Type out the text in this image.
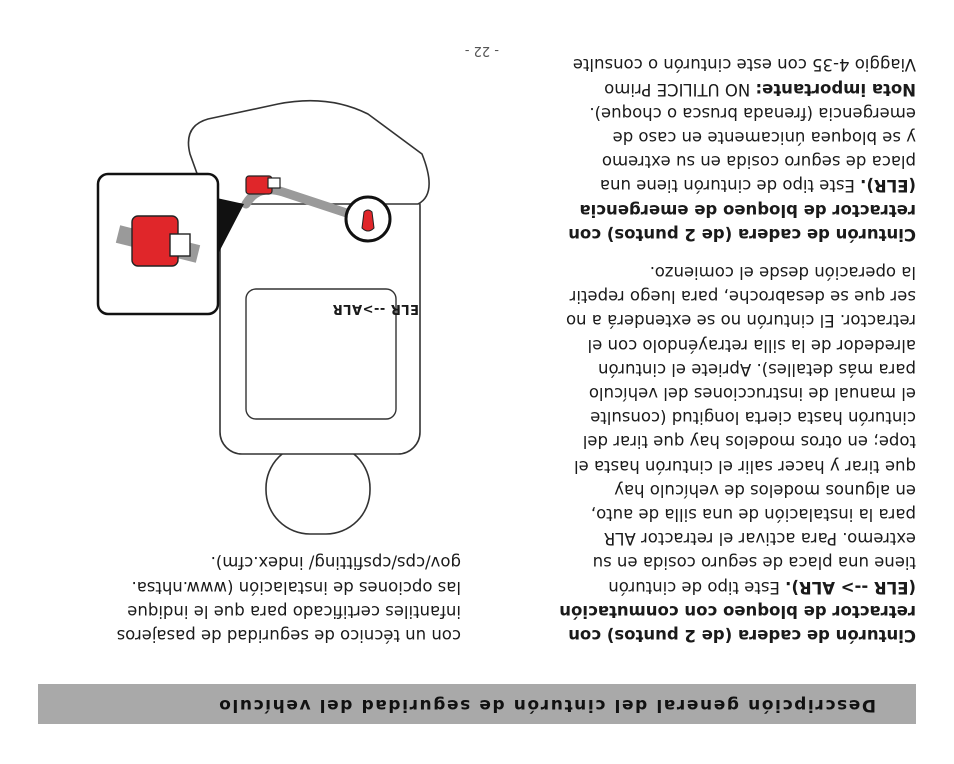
Descripción general del cinturón de seguridad del vehículo

Cinturón de cadera (de 2 puntos) con
retractor de bloqueo con conmutación

(ELR --> ALR). Este tipo de cinturón
tiene una placa de seguro cosida en su
extremo. Para activar el retractor ALR
para la instalación de una silla de auto,
en algunos modelos de vehículo hay
que tirar y hacer salir el cinturón hasta el
tope; en otros modelos hay que tirar del
cinturón hasta cierta longitud (consulte
el manual de instrucciones del vehículo
para más detalles). Apriete el cinturón
alrededor de la silla retrayéndolo con el
retractor. El cinturón no se extenderá a no
ser que se desabroche, para luego repetir
la operación desde el comienzo.

Cinturón de cadera (de 2 puntos) con
retractor de bloqueo de emergencia

(ELR). Este tipo de cinturón tiene una
placa de seguro cosida en su extremo
y se bloquea únicamente en caso de
emergencia (frenada brusca o choque).

Nota importante: NO UTILICE Primo
Viaggio 4-35 con este cinturón o consulte

con un técnico de seguridad de pasajeros
infantiles certificado para que le indique
las opciones de instalación (www.nhtsa.
gov/cps/cpsfitting/ index.cfm).

ELR -->ALR
- 22 -
